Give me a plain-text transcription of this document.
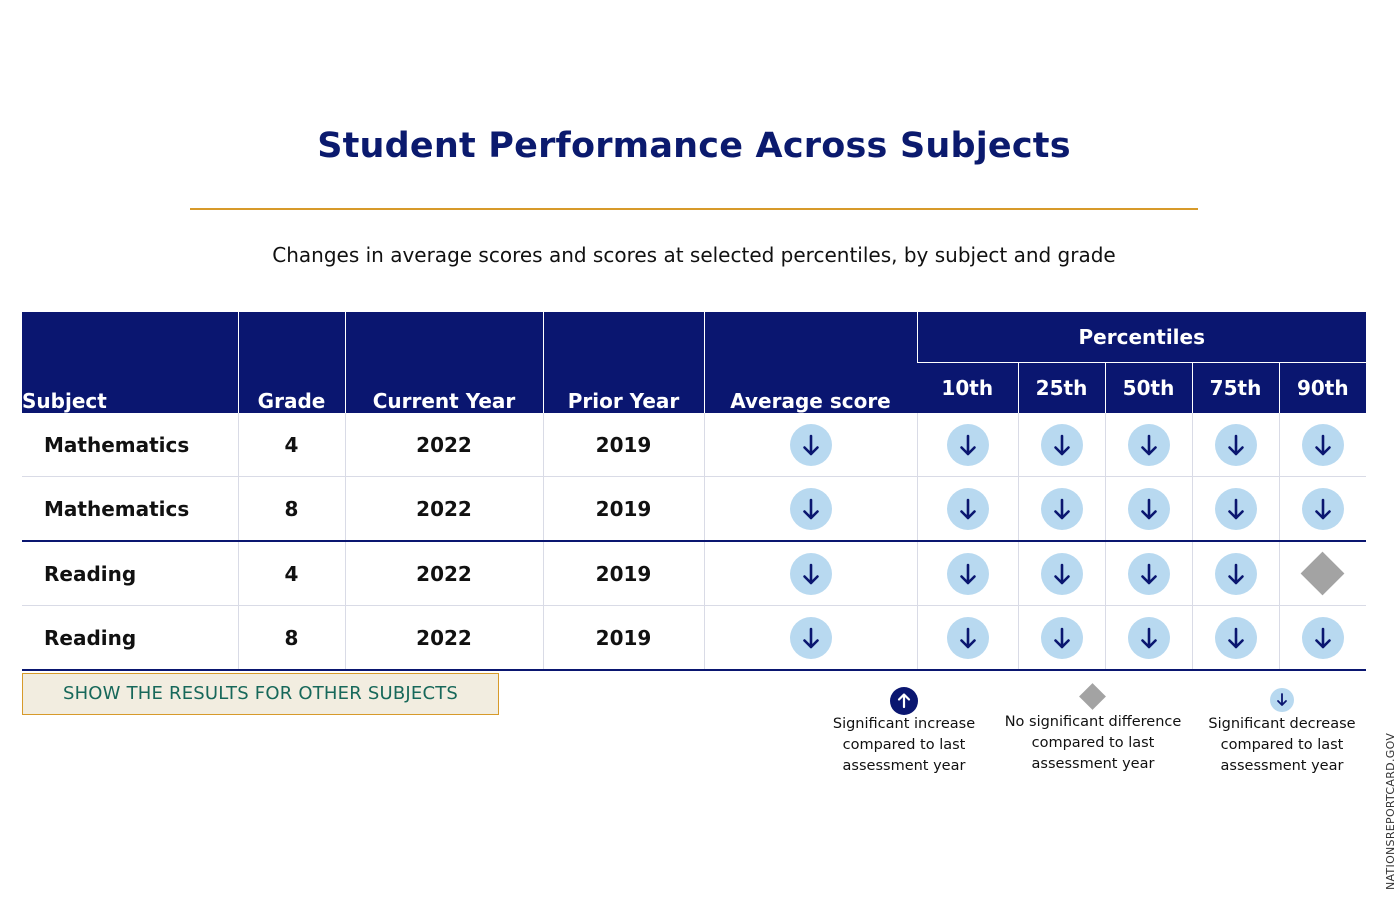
Student Performance Across Subjects
Changes in average scores and scores at selected percentiles, by subject and grade
Subject	Grade	Current Year	Prior Year	Average score	Percentiles				
					10th	25th	50th	75th	90th
Mathematics	4	2022	2019	

Mathematics	8	2022	2019	

Reading	4	2022	2019	

Reading	8	2022	2019	

SHOW THE RESULTS FOR OTHER SUBJECTS
Significant increase
compared to last
assessment year
No significant difference
compared to last
assessment year
Significant decrease
compared to last
assessment year	NATIONSREPORTCARD.GOV
